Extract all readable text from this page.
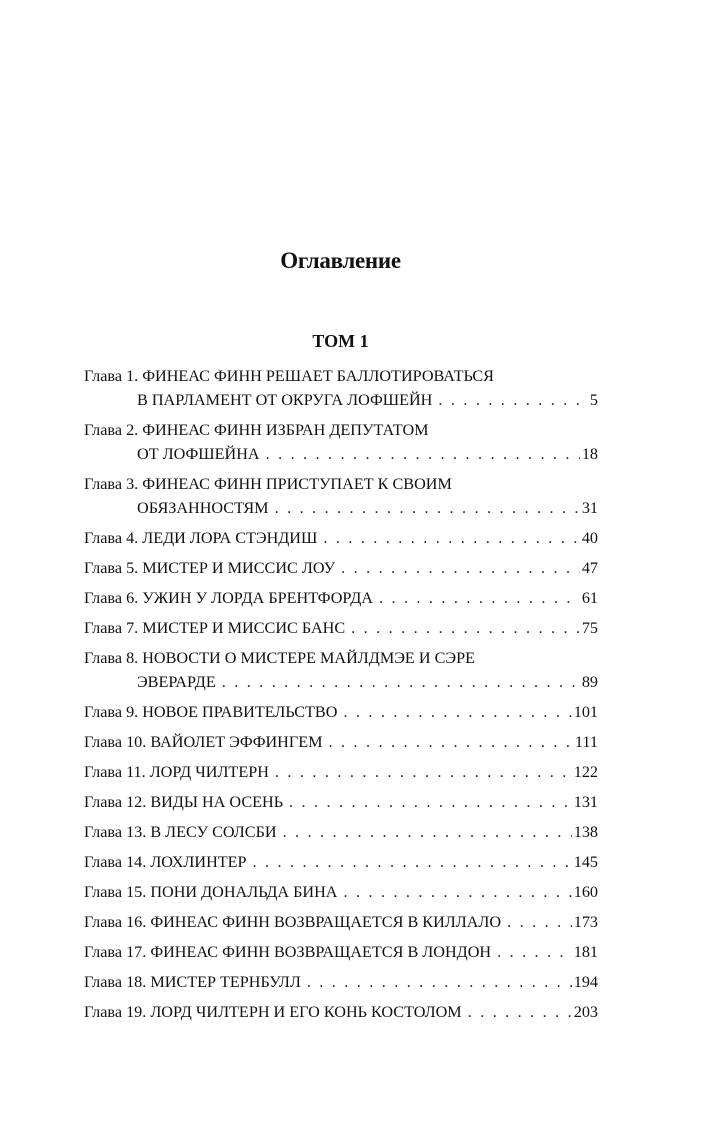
Оглавление
ТОМ 1
Глава 1. ФИНЕАС ФИНН РЕШАЕТ БАЛЛОТИРОВАТЬСЯ
В ПАРЛАМЕНТ ОТ ОКРУГА ЛОФШЕЙН . . .	5
Глава 2. ФИНЕАС ФИНН ИЗБРАН ДЕПУТАТОМ
ОТ ЛОФШЕЙНА . . .	18
Глава 3. ФИНЕАС ФИНН ПРИСТУПАЕТ К СВОИМ
ОБЯЗАННОСТЯМ . . .	31
Глава 4. ЛЕДИ ЛОРА СТЭНДИШ . . .	40
Глава 5. МИСТЕР И МИССИС ЛОУ . . .	47
Глава 6. УЖИН У ЛОРДА БРЕНТФОРДА . . .	61
Глава 7. МИСТЕР И МИССИС БАНС . . .	75
Глава 8. НОВОСТИ О МИСТЕРЕ МАЙЛДМЭЕ И СЭРЕ
ЭВЕРАРДЕ . . .	89
Глава 9. НОВОЕ ПРАВИТЕЛЬСТВО . . .	101
Глава 10. ВАЙОЛЕТ ЭФФИНГЕМ . . .	111
Глава 11. ЛОРД ЧИЛТЕРН . . .	122
Глава 12. ВИДЫ НА ОСЕНЬ . . .	131
Глава 13. В ЛЕСУ СОЛСБИ . . .	138
Глава 14. ЛОХЛИНТЕР . . .	145
Глава 15. ПОНИ ДОНАЛЬДА БИНА . . .	160
Глава 16. ФИНЕАС ФИНН ВОЗВРАЩАЕТСЯ В КИЛЛАЛО . . .	173
Глава 17. ФИНЕАС ФИНН ВОЗВРАЩАЕТСЯ В ЛОНДОН . . .	181
Глава 18. МИСТЕР ТЕРНБУЛЛ . . .	194
Глава 19. ЛОРД ЧИЛТЕРН И ЕГО КОНЬ КОСТОЛОМ . . .	203
